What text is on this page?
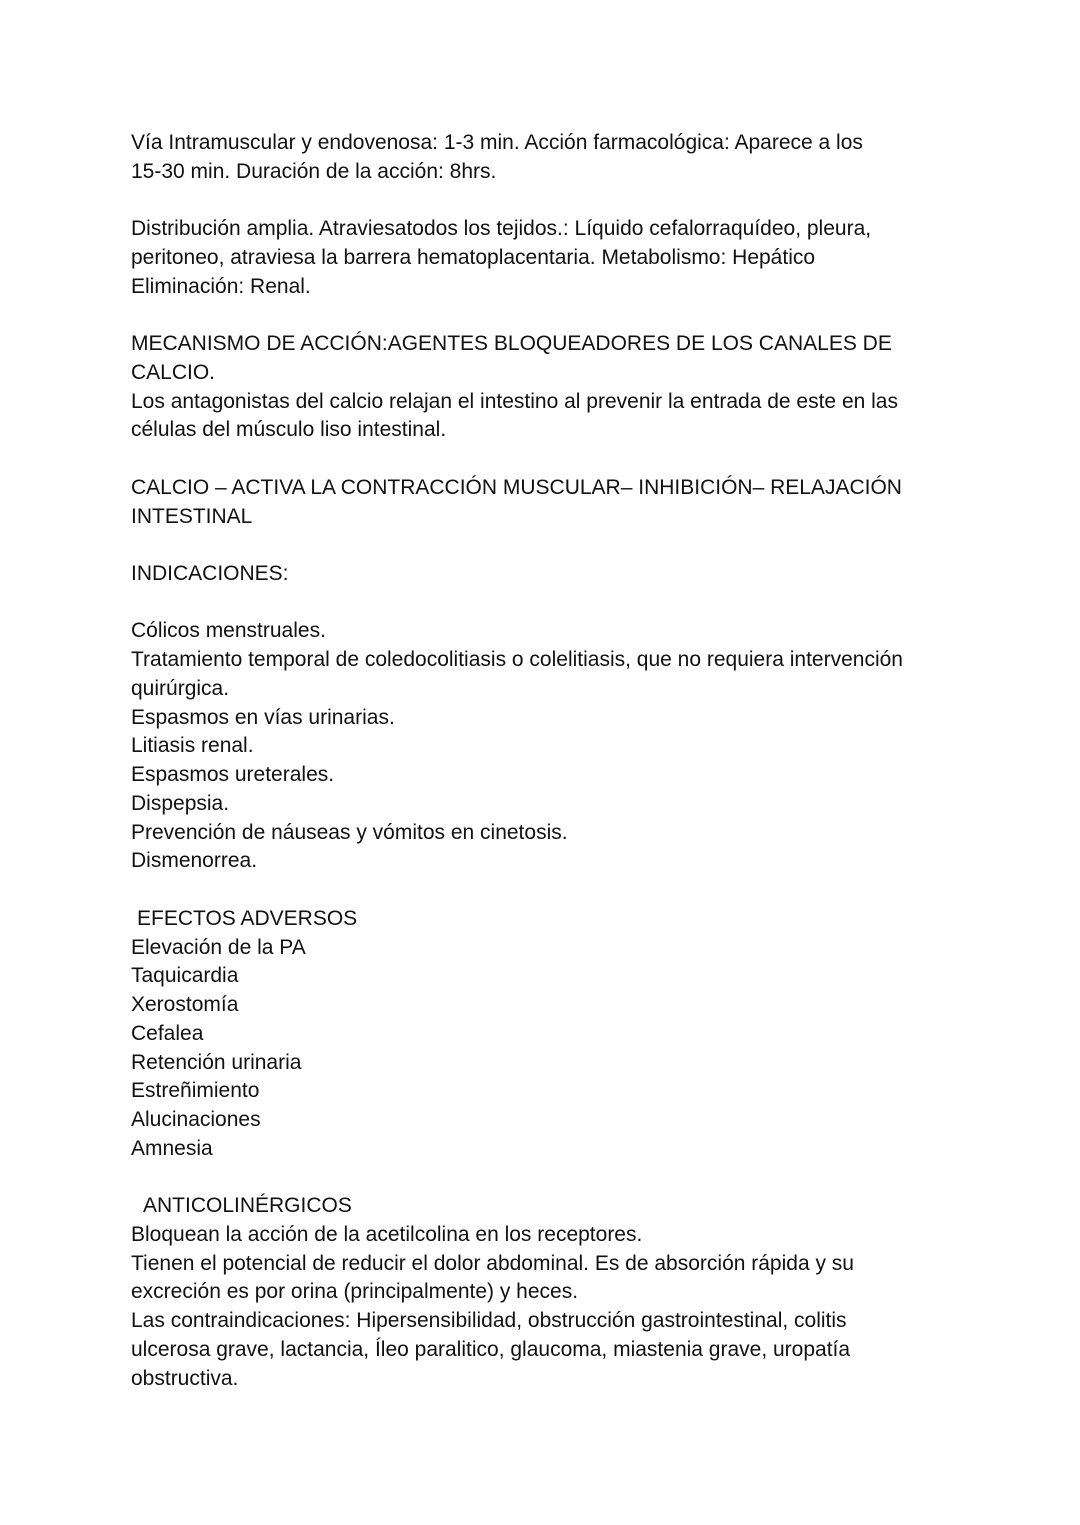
Vía Intramuscular y endovenosa: 1-3 min. Acción farmacológica: Aparece a los
15-30 min. Duración de la acción: 8hrs.
Distribución amplia. Atraviesatodos los tejidos.: Líquido cefalorraquídeo, pleura,
peritoneo, atraviesa la barrera hematoplacentaria. Metabolismo: Hepático
Eliminación: Renal.
MECANISMO DE ACCIÓN:AGENTES BLOQUEADORES DE LOS CANALES DE
CALCIO.
Los antagonistas del calcio relajan el intestino al prevenir la entrada de este en las
células del músculo liso intestinal.
CALCIO – ACTIVA LA CONTRACCIÓN MUSCULAR– INHIBICIÓN– RELAJACIÓN
INTESTINAL
INDICACIONES:
Cólicos menstruales.
Tratamiento temporal de coledocolitiasis o colelitiasis, que no requiera intervención
quirúrgica.
Espasmos en vías urinarias.
Litiasis renal.
Espasmos ureterales.
Dispepsia.
Prevención de náuseas y vómitos en cinetosis.
Dismenorrea.
EFECTOS ADVERSOS
Elevación de la PA
Taquicardia
Xerostomía
Cefalea
Retención urinaria
Estreñimiento
Alucinaciones
Amnesia
ANTICOLINÉRGICOS
Bloquean la acción de la acetilcolina en los receptores.
Tienen el potencial de reducir el dolor abdominal. Es de absorción rápida y su
excreción es por orina (principalmente) y heces.
Las contraindicaciones: Hipersensibilidad, obstrucción gastrointestinal, colitis
ulcerosa grave, lactancia, Íleo paralitico, glaucoma, miastenia grave, uropatía
obstructiva.
